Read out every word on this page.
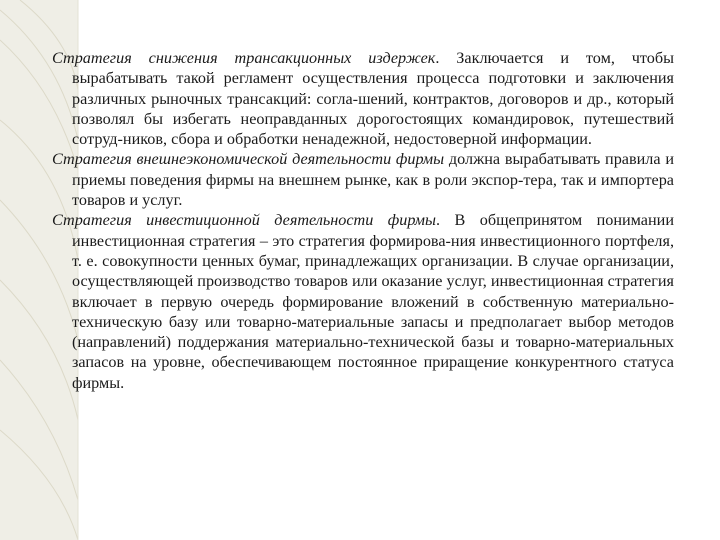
Стратегия снижения трансакционных издержек. Заключается и том, чтобы вырабатывать такой регламент осуществления процесса подготовки и заключения различных рыночных трансакций: согла-шений, контрактов, договоров и др., который позволял бы избегать неоправданных дорогостоящих командировок, путешествий сотруд-ников, сбора и обработки ненадежной, недостоверной информации.

Стратегия внешнеэкономической деятельности фирмы должна вырабатывать правила и приемы поведения фирмы на внешнем рынке, как в роли экспор-тера, так и импортера товаров и услуг.

Стратегия инвестиционной деятельности фирмы. В общепринятом понимании инвестиционная стратегия – это стратегия формирова-ния инвестиционного портфеля, т. е. совокупности ценных бумаг, принадлежащих организации. В случае организации, осуществляющей производство товаров или оказание услуг, инвестиционная стратегия включает в первую очередь формирование вложений в собственную материально-техническую базу или товарно-материальные запасы и предполагает выбор методов (направлений) поддержания материально-технической базы и товарно-материальных запасов на уровне, обеспечивающем постоянное приращение конкурентного статуса фирмы.
